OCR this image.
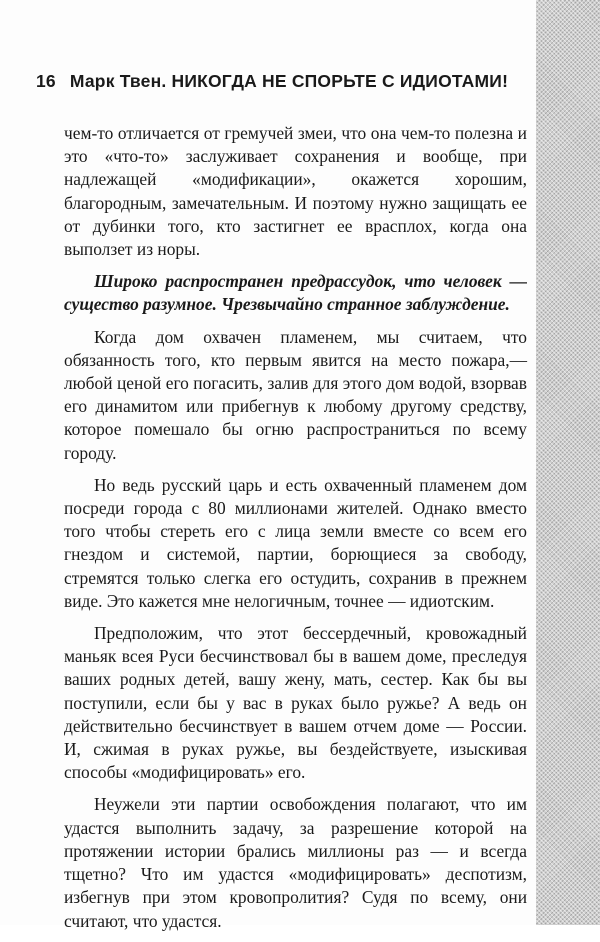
16 Марк Твен. НИКОГДА НЕ СПОРЬТЕ С ИДИОТАМИ!

чем-то отличается от гремучей змеи, что она чем-то полезна и это «что-то» заслуживает сохранения и вообще, при надлежащей «модификации», окажется хорошим, благородным, замечательным. И поэтому нужно защищать ее от дубинки того, кто застигнет ее врасплох, когда она выползет из норы.

Широко распространен предрассудок, что человек — существо разумное. Чрезвычайно странное заблуждение.

Когда дом охвачен пламенем, мы считаем, что обязанность того, кто первым явится на место пожара,— любой ценой его погасить, залив для этого дом водой, взорвав его динамитом или прибегнув к любому другому средству, которое помешало бы огню распространиться по всему городу.

Но ведь русский царь и есть охваченный пламенем дом посреди города с 80 миллионами жителей. Однако вместо того чтобы стереть его с лица земли вместе со всем его гнездом и системой, партии, борющиеся за свободу, стремятся только слегка его остудить, сохранив в прежнем виде. Это кажется мне нелогичным, точнее — идиотским.

Предположим, что этот бессердечный, кровожадный маньяк всея Руси бесчинствовал бы в вашем доме, преследуя ваших родных детей, вашу жену, мать, сестер. Как бы вы поступили, если бы у вас в руках было ружье? А ведь он действительно бесчинствует в вашем отчем доме — России. И, сжимая в руках ружье, вы бездействуете, изыскивая способы «модифицировать» его.

Неужели эти партии освобождения полагают, что им удастся выполнить задачу, за разрешение которой на протяжении истории брались миллионы раз — и всегда тщетно? Что им удастся «модифицировать» деспотизм, избегнув при этом кровопролития? Судя по всему, они считают, что удастся.
